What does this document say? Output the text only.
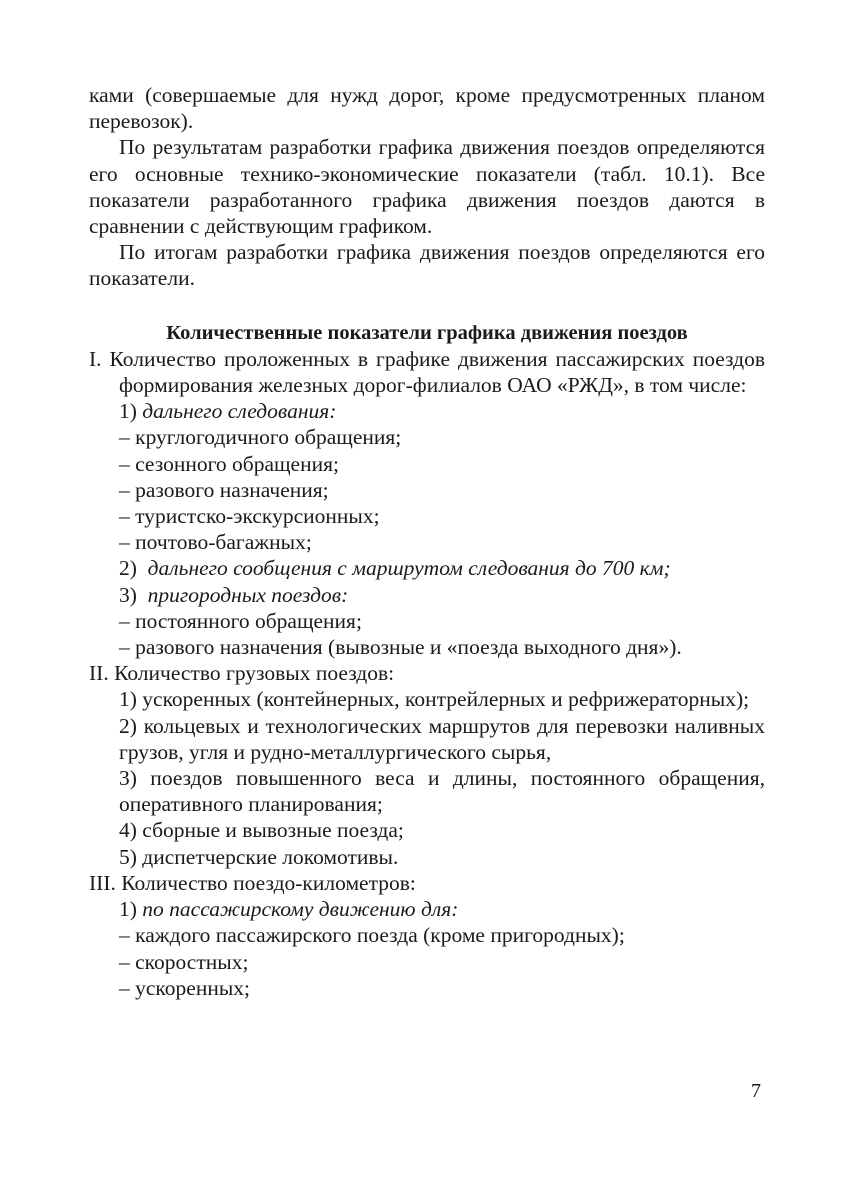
ками (совершаемые для нужд дорог, кроме предусмотренных планом перевозок).

По результатам разработки графика движения поездов определяются его основные технико-экономические показатели (табл. 10.1). Все показатели разработанного графика движения поездов даются в сравнении с действующим графиком.

По итогам разработки графика движения поездов определяются его показатели.

Количественные показатели графика движения поездов

I. Количество проложенных в графике движения пассажирских поездов формирования железных дорог-филиалов ОАО «РЖД», в том числе:

1) дальнего следования:

– круглогодичного обращения;

– сезонного обращения;

– разового назначения;

– туристско-экскурсионных;

– почтово-багажных;

2) дальнего сообщения с маршрутом следования до 700 км;

3) пригородных поездов:

– постоянного обращения;

– разового назначения (вывозные и «поезда выходного дня»).

II. Количество грузовых поездов:

1) ускоренных (контейнерных, контрейлерных и рефрижераторных);

2) кольцевых и технологических маршрутов для перевозки наливных грузов, угля и рудно-металлургического сырья,

3) поездов повышенного веса и длины, постоянного обращения, оперативного планирования;

4) сборные и вывозные поезда;

5) диспетчерские локомотивы.

III. Количество поездо-километров:

1) по пассажирскому движению для:

– каждого пассажирского поезда (кроме пригородных);

– скоростных;

– ускоренных;

7
